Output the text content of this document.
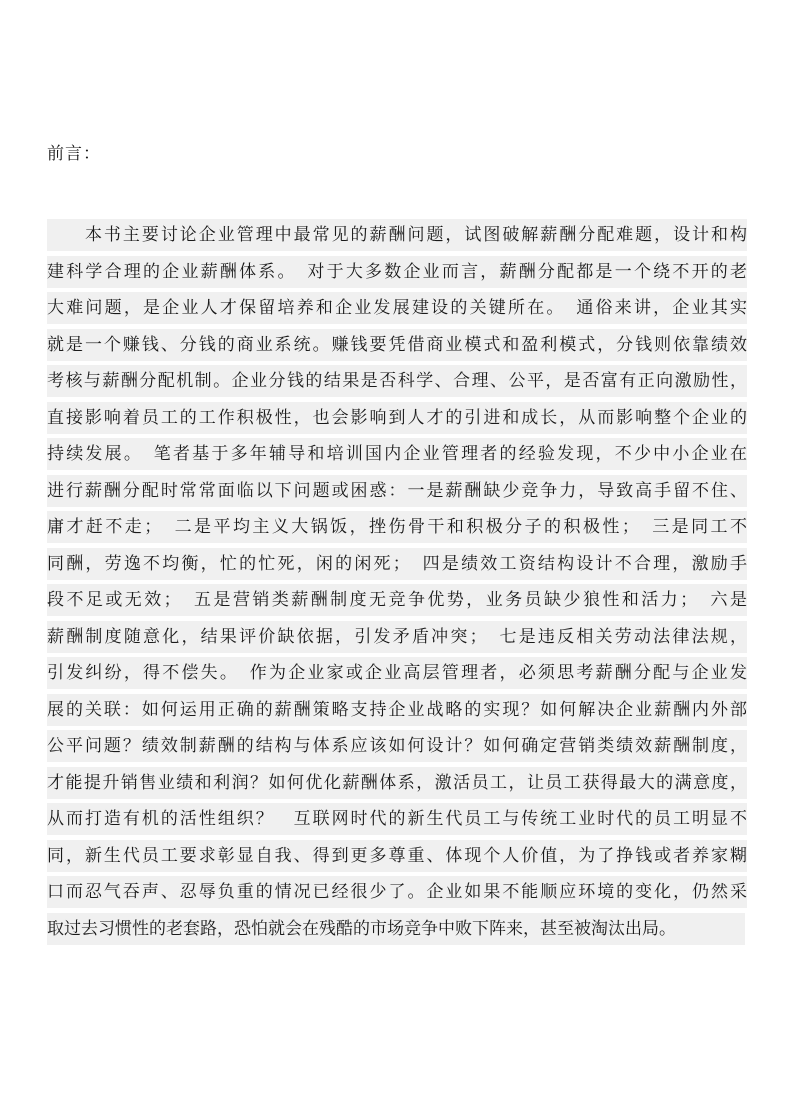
前言：
　　本书主要讨论企业管理中最常见的薪酬问题，试图破解薪酬分配难题，设计和构
建科学合理的企业薪酬体系。　对于大多数企业而言，薪酬分配都是一个绕不开的老
大难问题，是企业人才保留培养和企业发展建设的关键所在。　通俗来讲，企业其实
就是一个赚钱、分钱的商业系统。赚钱要凭借商业模式和盈利模式，分钱则依靠绩效
考核与薪酬分配机制。企业分钱的结果是否科学、合理、公平，是否富有正向激励性，
直接影响着员工的工作积极性，也会影响到人才的引进和成长，从而影响整个企业的
持续发展。　笔者基于多年辅导和培训国内企业管理者的经验发现，不少中小企业在
进行薪酬分配时常常面临以下问题或困惑：一是薪酬缺少竞争力，导致高手留不住、
庸才赶不走；　二是平均主义大锅饭，挫伤骨干和积极分子的积极性；　三是同工不
同酬，劳逸不均衡，忙的忙死，闲的闲死；　四是绩效工资结构设计不合理，激励手
段不足或无效；　五是营销类薪酬制度无竞争优势，业务员缺少狼性和活力；　六是
薪酬制度随意化，结果评价缺依据，引发矛盾冲突；　七是违反相关劳动法律法规，
引发纠纷，得不偿失。　作为企业家或企业高层管理者，必须思考薪酬分配与企业发
展的关联：如何运用正确的薪酬策略支持企业战略的实现？如何解决企业薪酬内外部
公平问题？绩效制薪酬的结构与体系应该如何设计？如何确定营销类绩效薪酬制度，
才能提升销售业绩和利润？如何优化薪酬体系，激活员工，让员工获得最大的满意度，
从而打造有机的活性组织？　互联网时代的新生代员工与传统工业时代的员工明显不
同，新生代员工要求彰显自我、得到更多尊重、体现个人价值，为了挣钱或者养家糊
口而忍气吞声、忍辱负重的情况已经很少了。企业如果不能顺应环境的变化，仍然采
取过去习惯性的老套路，恐怕就会在残酷的市场竞争中败下阵来，甚至被淘汰出局。
